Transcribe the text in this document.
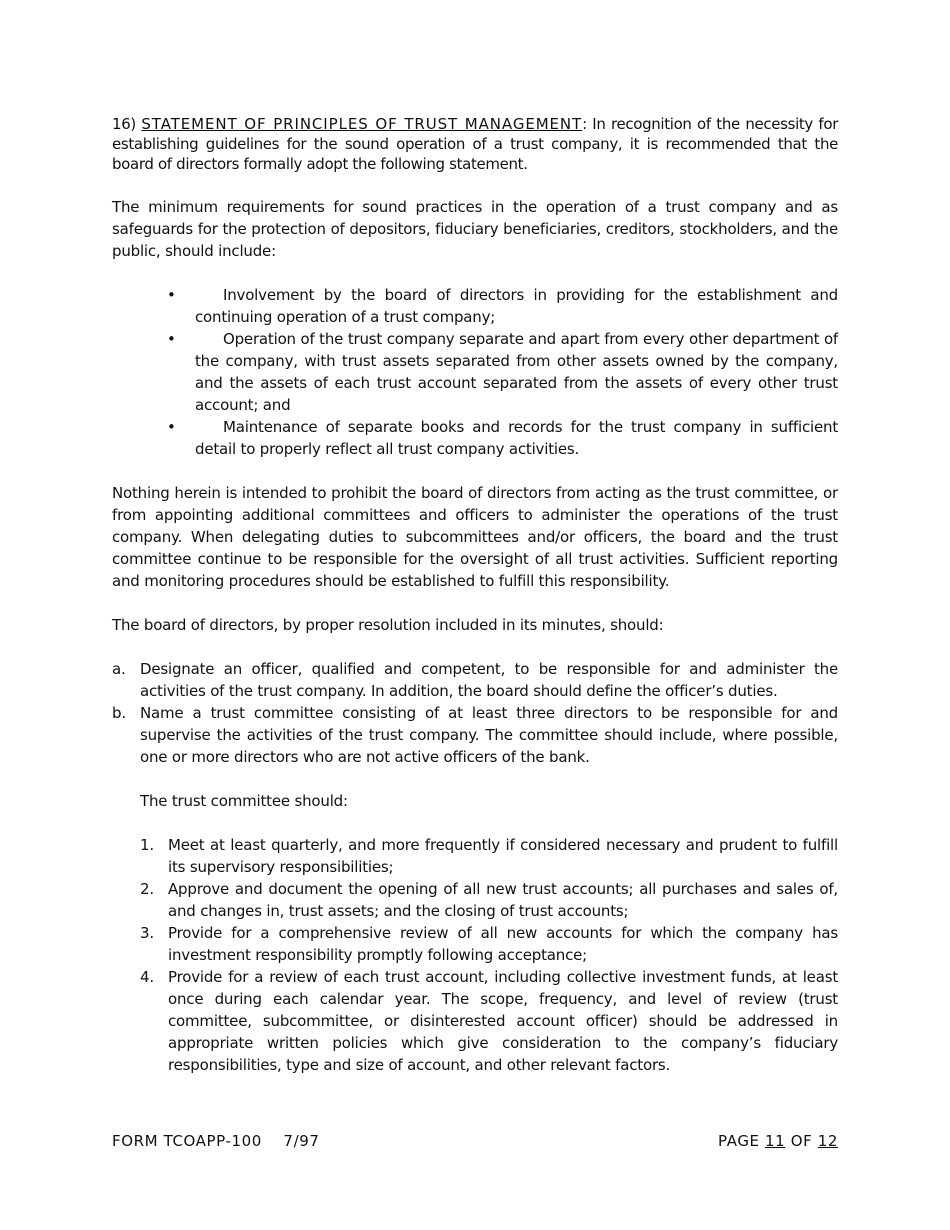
16) STATEMENT OF PRINCIPLES OF TRUST MANAGEMENT: In recognition of the necessity for establishing guidelines for the sound operation of a trust company, it is recommended that the board of directors formally adopt the following statement.

The minimum requirements for sound practices in the operation of a trust company and as safeguards for the protection of depositors, fiduciary beneficiaries, creditors, stockholders, and the public, should include:

•	Involvement by the board of directors in providing for the establishment and continuing operation of a trust company;
•	Operation of the trust company separate and apart from every other department of the company, with trust assets separated from other assets owned by the company, and the assets of each trust account separated from the assets of every other trust account; and
•	Maintenance of separate books and records for the trust company in sufficient detail to properly reflect all trust company activities.

Nothing herein is intended to prohibit the board of directors from acting as the trust committee, or from appointing additional committees and officers to administer the operations of the trust company. When delegating duties to subcommittees and/or officers, the board and the trust committee continue to be responsible for the oversight of all trust activities. Sufficient reporting and monitoring procedures should be established to fulfill this responsibility.

The board of directors, by proper resolution included in its minutes, should:

a. Designate an officer, qualified and competent, to be responsible for and administer the activities of the trust company. In addition, the board should define the officer’s duties.
b. Name a trust committee consisting of at least three directors to be responsible for and supervise the activities of the trust company. The committee should include, where possible, one or more directors who are not active officers of the bank.

The trust committee should:

1. Meet at least quarterly, and more frequently if considered necessary and prudent to fulfill its supervisory responsibilities;
2. Approve and document the opening of all new trust accounts; all purchases and sales of, and changes in, trust assets; and the closing of trust accounts;
3. Provide for a comprehensive review of all new accounts for which the company has investment responsibility promptly following acceptance;
4. Provide for a review of each trust account, including collective investment funds, at least once during each calendar year. The scope, frequency, and level of review (trust committee, subcommittee, or disinterested account officer) should be addressed in appropriate written policies which give consideration to the company’s fiduciary responsibilities, type and size of account, and other relevant factors.
FORM TCOAPP-100 7/97	PAGE 11 OF 12
